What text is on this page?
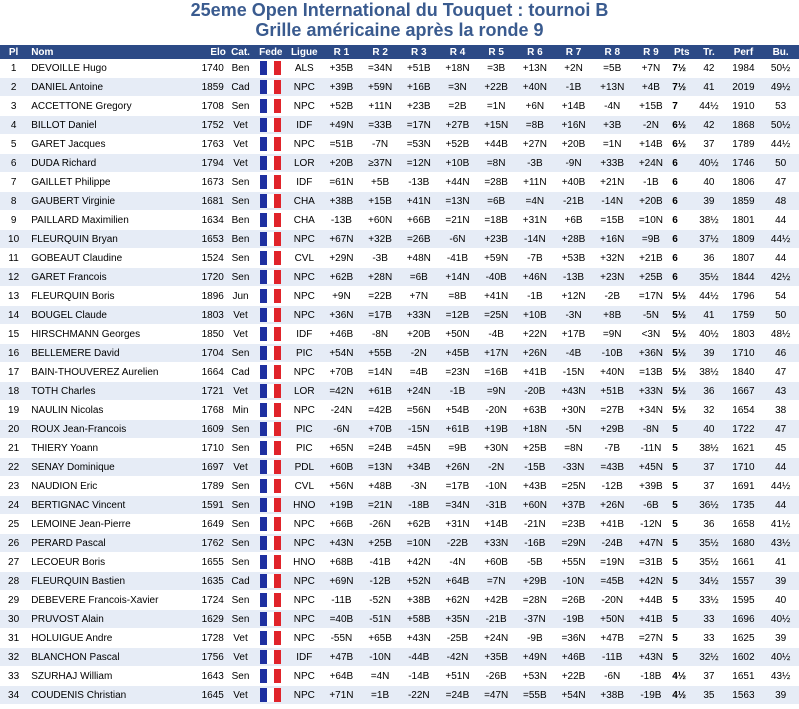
25eme Open International du Touquet : tournoi B
Grille américaine après la ronde 9
Pl	Nom	Elo	Cat.	Fede	Ligue	R 1	R 2	R 3	R 4	R 5	R 6	R 7	R 8	R 9	Pts	Tr.	Perf	Bu.
1	DEVOILLE Hugo	1740	Ben		ALS	+35B	=34N	+51B	+18N	=3B	+13N	+2N	=5B	+7N	7½	42	1984	50½
2	DANIEL Antoine	1859	Cad		NPC	+39B	+59N	+16B	=3N	+22B	+40N	-1B	+13N	+4B	7½	41	2019	49½
3	ACCETTONE Gregory	1708	Sen		NPC	+52B	+11N	+23B	=2B	=1N	+6N	+14B	-4N	+15B	7	44½	1910	53
4	BILLOT Daniel	1752	Vet		IDF	+49N	=33B	=17N	+27B	+15N	=8B	+16N	+3B	-2N	6½	42	1868	50½
5	GARET Jacques	1763	Vet		NPC	=51B	-7N	=53N	+52B	+44B	+27N	+20B	=1N	+14B	6½	37	1789	44½
6	DUDA Richard	1794	Vet		LOR	+20B	≥37N	=12N	+10B	=8N	-3B	-9N	+33B	+24N	6	40½	1746	50
7	GAILLET Philippe	1673	Sen		IDF	=61N	+5B	-13B	+44N	=28B	+11N	+40B	+21N	-1B	6	40	1806	47
8	GAUBERT Virginie	1681	Sen		CHA	+38B	+15B	+41N	=13N	=6B	=4N	-21B	-14N	+20B	6	39	1859	48
9	PAILLARD Maximilien	1634	Ben		CHA	-13B	+60N	+66B	=21N	=18B	+31N	+6B	=15B	=10N	6	38½	1801	44
10	FLEURQUIN Bryan	1653	Ben		NPC	+67N	+32B	=26B	-6N	+23B	-14N	+28B	+16N	=9B	6	37½	1809	44½
11	GOBEAUT Claudine	1524	Sen		CVL	+29N	-3B	+48N	-41B	+59N	-7B	+53B	+32N	+21B	6	36	1807	44
12	GARET Francois	1720	Sen		NPC	+62B	+28N	=6B	+14N	-40B	+46N	-13B	+23N	+25B	6	35½	1844	42½
13	FLEURQUIN Boris	1896	Jun		NPC	+9N	=22B	+7N	=8B	+41N	-1B	+12N	-2B	=17N	5½	44½	1796	54
14	BOUGEL Claude	1803	Vet		NPC	+36N	=17B	+33N	=12B	=25N	+10B	-3N	+8B	-5N	5½	41	1759	50
15	HIRSCHMANN Georges	1850	Vet		IDF	+46B	-8N	+20B	+50N	-4B	+22N	+17B	=9N	<3N	5½	40½	1803	48½
16	BELLEMERE David	1704	Sen		PIC	+54N	+55B	-2N	+45B	+17N	+26N	-4B	-10B	+36N	5½	39	1710	46
17	BAIN-THOUVEREZ Aurelien	1664	Cad		NPC	+70B	=14N	=4B	=23N	=16B	+41B	-15N	+40N	=13B	5½	38½	1840	47
18	TOTH Charles	1721	Vet		LOR	=42N	+61B	+24N	-1B	=9N	-20B	+43N	+51B	+33N	5½	36	1667	43
19	NAULIN Nicolas	1768	Min		NPC	-24N	=42B	=56N	+54B	-20N	+63B	+30N	=27B	+34N	5½	32	1654	38
20	ROUX Jean-Francois	1609	Sen		PIC	-6N	+70B	-15N	+61B	+19B	+18N	-5N	+29B	-8N	5	40	1722	47
21	THIERY Yoann	1710	Sen		PIC	+65N	=24B	=45N	=9B	+30N	+25B	=8N	-7B	-11N	5	38½	1621	45
22	SENAY Dominique	1697	Vet		PDL	+60B	=13N	+34B	+26N	-2N	-15B	-33N	=43B	+45N	5	37	1710	44
23	NAUDION Eric	1789	Sen		CVL	+56N	+48B	-3N	=17B	-10N	+43B	=25N	-12B	+39B	5	37	1691	44½
24	BERTIGNAC Vincent	1591	Sen		HNO	+19B	=21N	-18B	=34N	-31B	+60N	+37B	+26N	-6B	5	36½	1735	44
25	LEMOINE Jean-Pierre	1649	Sen		NPC	+66B	-26N	+62B	+31N	+14B	-21N	=23B	+41B	-12N	5	36	1658	41½
26	PERARD Pascal	1762	Sen		NPC	+43N	+25B	=10N	-22B	+33N	-16B	=29N	-24B	+47N	5	35½	1680	43½
27	LECOEUR Boris	1655	Sen		HNO	+68B	-41B	+42N	-4N	+60B	-5B	+55N	=19N	=31B	5	35½	1661	41
28	FLEURQUIN Bastien	1635	Cad		NPC	+69N	-12B	+52N	+64B	=7N	+29B	-10N	=45B	+42N	5	34½	1557	39
29	DEBEVERE Francois-Xavier	1724	Sen		NPC	-11B	-52N	+38B	+62N	+42B	=28N	=26B	-20N	+44B	5	33½	1595	40
30	PRUVOST Alain	1629	Sen		NPC	=40B	-51N	+58B	+35N	-21B	-37N	-19B	+50N	+41B	5	33	1696	40½
31	HOLUIGUE Andre	1728	Vet		NPC	-55N	+65B	+43N	-25B	+24N	-9B	=36N	+47B	=27N	5	33	1625	39
32	BLANCHON Pascal	1756	Vet		IDF	+47B	-10N	-44B	-42N	+35B	+49N	+46B	-11B	+43N	5	32½	1602	40½
33	SZURHAJ William	1643	Sen		NPC	+64B	=4N	-14B	+51N	-26B	+53N	+22B	-6N	-18B	4½	37	1651	43½
34	COUDENIS Christian	1645	Vet		NPC	+71N	=1B	-22N	=24B	=47N	=55B	+54N	+38B	-19B	4½	35	1563	39
